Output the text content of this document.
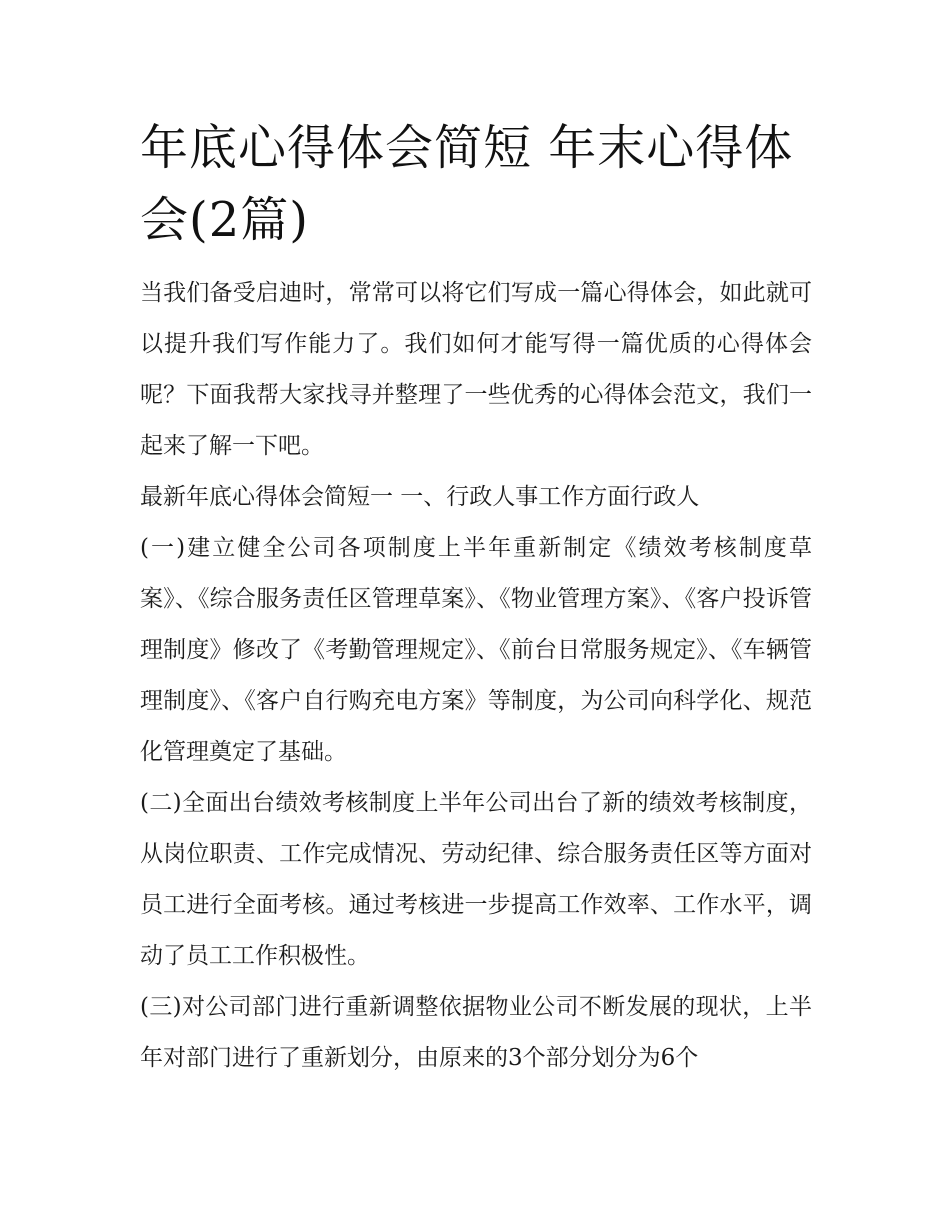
年底心得体会简短 年末心得体会(2篇)

当我们备受启迪时，常常可以将它们写成一篇心得体会，如此就可以提升我们写作能力了。我们如何才能写得一篇优质的心得体会呢？下面我帮大家找寻并整理了一些优秀的心得体会范文，我们一起来了解一下吧。

最新年底心得体会简短一 一、行政人事工作方面行政人

(一)建立健全公司各项制度上半年重新制定《绩效考核制度草案》、《综合服务责任区管理草案》、《物业管理方案》、《客户投诉管理制度》修改了《考勤管理规定》、《前台日常服务规定》、《车辆管理制度》、《客户自行购充电方案》等制度，为公司向科学化、规范化管理奠定了基础。

(二)全面出台绩效考核制度上半年公司出台了新的绩效考核制度，从岗位职责、工作完成情况、劳动纪律、综合服务责任区等方面对员工进行全面考核。通过考核进一步提高工作效率、工作水平，调动了员工工作积极性。

(三)对公司部门进行重新调整依据物业公司不断发展的现状，上半年对部门进行了重新划分，由原来的3个部分划分为6个
